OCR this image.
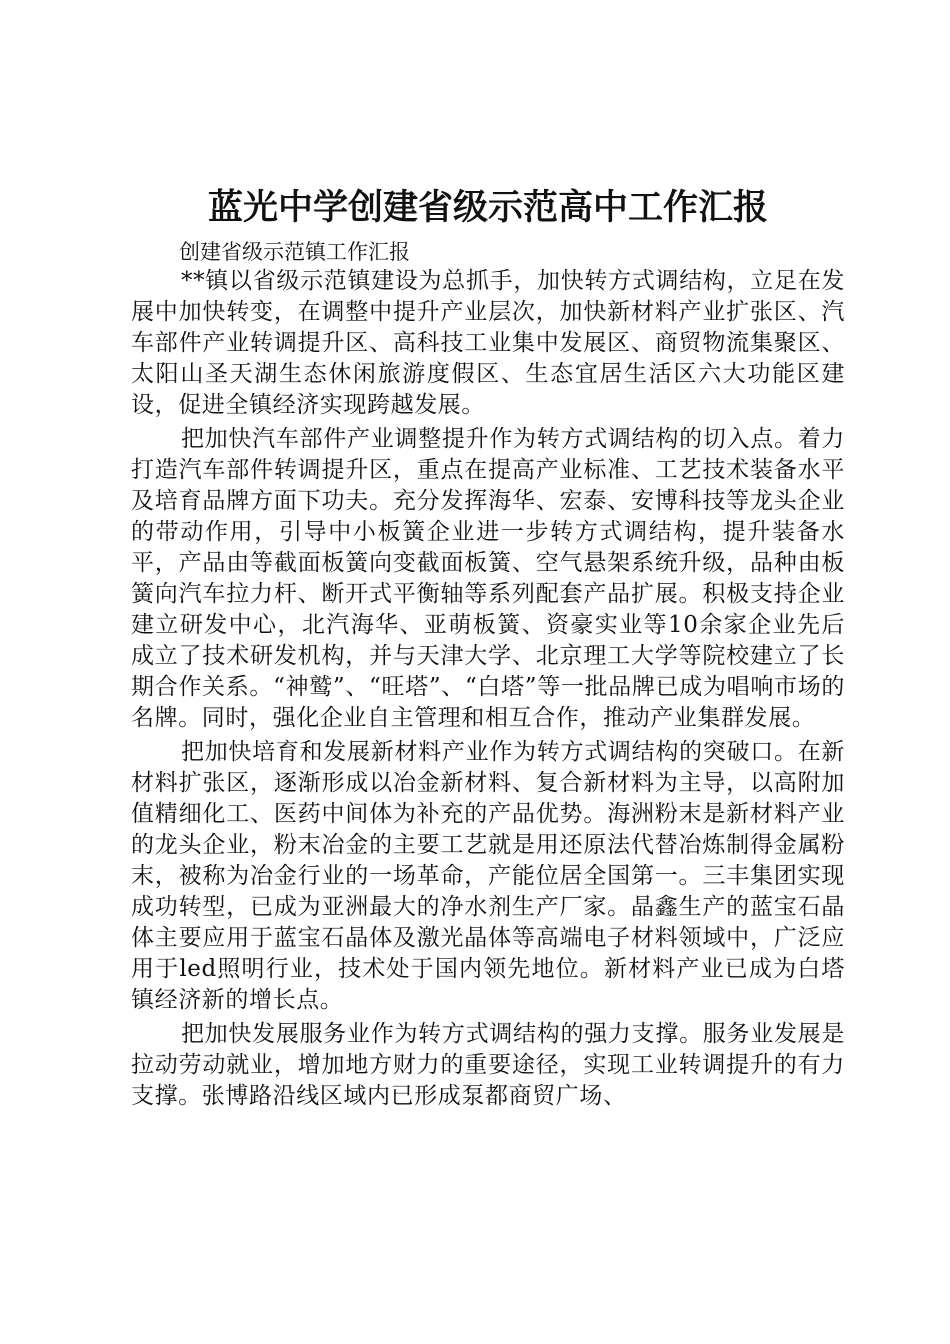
蓝光中学创建省级示范高中工作汇报

创建省级示范镇工作汇报

**镇以省级示范镇建设为总抓手，加快转方式调结构，立足在发展中加快转变，在调整中提升产业层次，加快新材料产业扩张区、汽车部件产业转调提升区、高科技工业集中发展区、商贸物流集聚区、太阳山圣天湖生态休闲旅游度假区、生态宜居生活区六大功能区建设，促进全镇经济实现跨越发展。

把加快汽车部件产业调整提升作为转方式调结构的切入点。着力打造汽车部件转调提升区，重点在提高产业标准、工艺技术装备水平及培育品牌方面下功夫。充分发挥海华、宏泰、安博科技等龙头企业的带动作用，引导中小板簧企业进一步转方式调结构，提升装备水平，产品由等截面板簧向变截面板簧、空气悬架系统升级，品种由板簧向汽车拉力杆、断开式平衡轴等系列配套产品扩展。积极支持企业建立研发中心，北汽海华、亚萌板簧、资豪实业等10余家企业先后成立了技术研发机构，并与天津大学、北京理工大学等院校建立了长期合作关系。“神鹫”、“旺塔”、“白塔”等一批品牌已成为唱响市场的名牌。同时，强化企业自主管理和相互合作，推动产业集群发展。

把加快培育和发展新材料产业作为转方式调结构的突破口。在新材料扩张区，逐渐形成以冶金新材料、复合新材料为主导，以高附加值精细化工、医药中间体为补充的产品优势。海洲粉末是新材料产业的龙头企业，粉末冶金的主要工艺就是用还原法代替冶炼制得金属粉末，被称为冶金行业的一场革命，产能位居全国第一。三丰集团实现成功转型，已成为亚洲最大的净水剂生产厂家。晶鑫生产的蓝宝石晶体主要应用于蓝宝石晶体及激光晶体等高端电子材料领域中，广泛应用于led照明行业，技术处于国内领先地位。新材料产业已成为白塔镇经济新的增长点。

把加快发展服务业作为转方式调结构的强力支撑。服务业发展是拉动劳动就业，增加地方财力的重要途径，实现工业转调提升的有力支撑。张博路沿线区域内已形成泵都商贸广场、
